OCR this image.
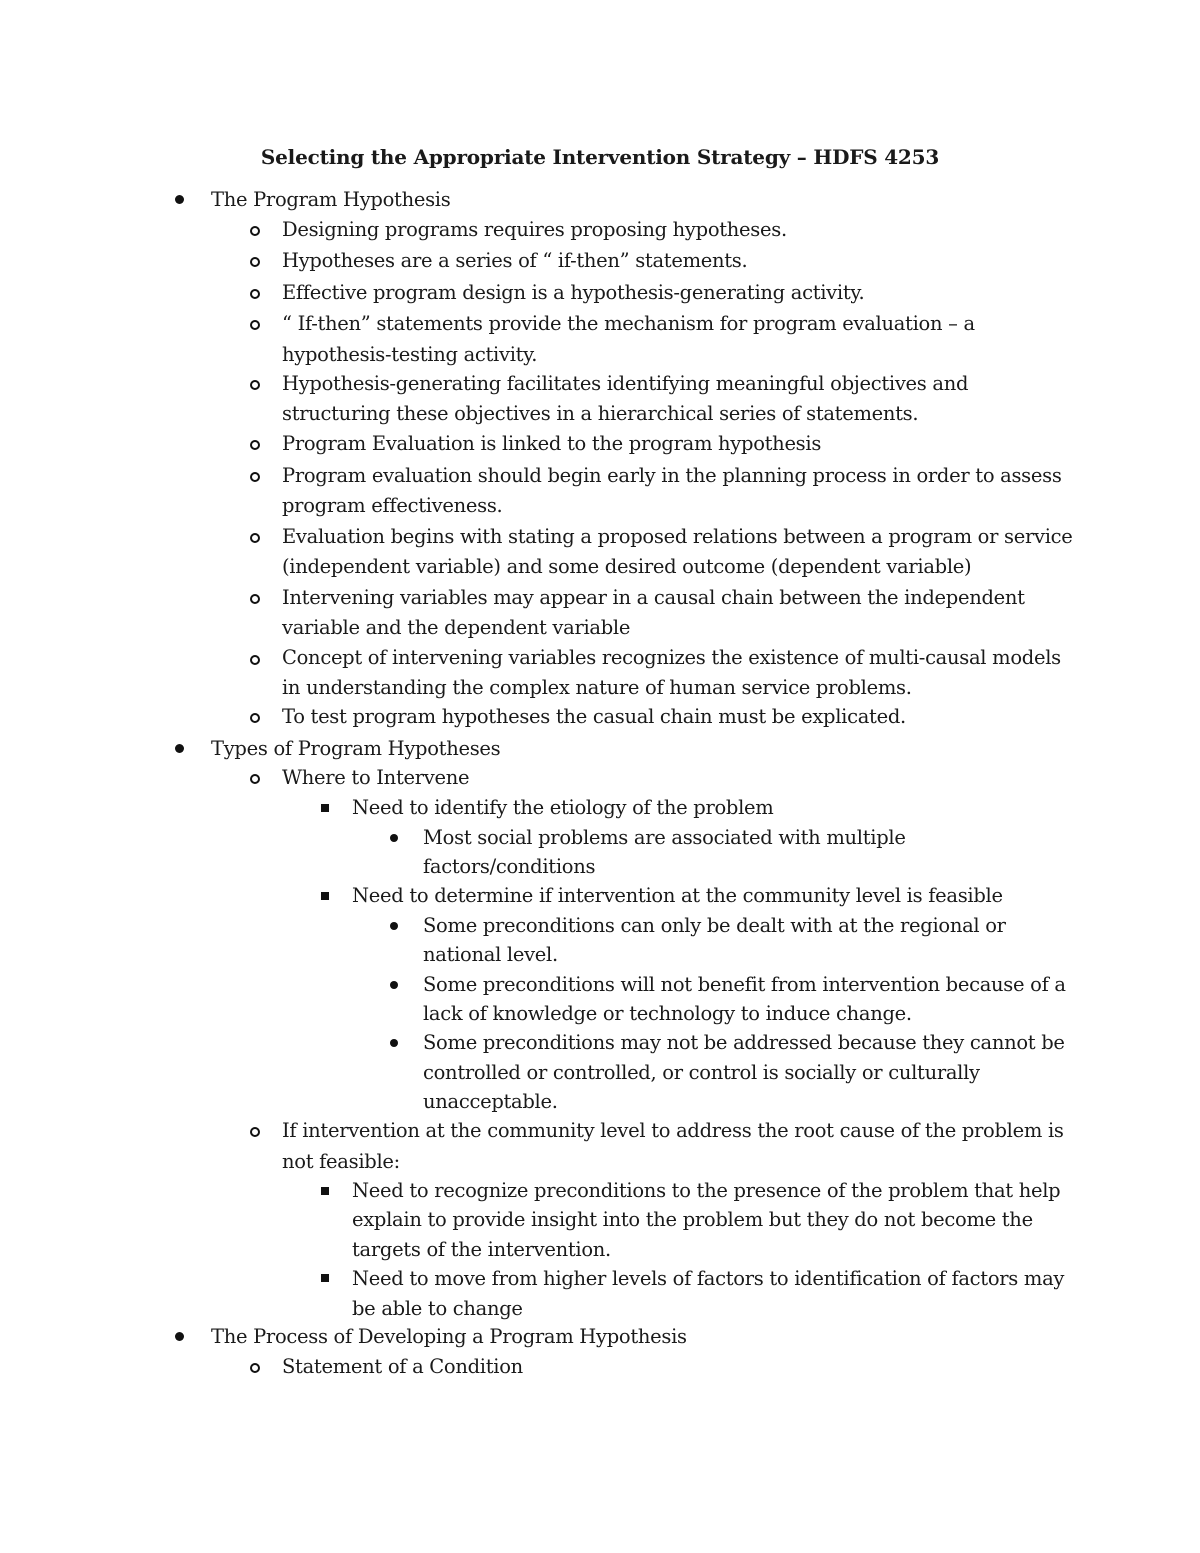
Selecting the Appropriate Intervention Strategy – HDFS 4253
The Program Hypothesis
Designing programs requires proposing hypotheses.
Hypotheses are a series of “ if-then” statements.
Effective program design is a hypothesis-generating activity.
“ If-then” statements provide the mechanism for program evaluation – a
hypothesis-testing activity.
Hypothesis-generating facilitates identifying meaningful objectives and
structuring these objectives in a hierarchical series of statements.
Program Evaluation is linked to the program hypothesis
Program evaluation should begin early in the planning process in order to assess
program effectiveness.
Evaluation begins with stating a proposed relations between a program or service
(independent variable) and some desired outcome (dependent variable)
Intervening variables may appear in a causal chain between the independent
variable and the dependent variable
Concept of intervening variables recognizes the existence of multi-causal models
in understanding the complex nature of human service problems.
To test program hypotheses the casual chain must be explicated.
Types of Program Hypotheses
Where to Intervene
Need to identify the etiology of the problem
Most social problems are associated with multiple
factors/conditions
Need to determine if intervention at the community level is feasible
Some preconditions can only be dealt with at the regional or
national level.
Some preconditions will not benefit from intervention because of a
lack of knowledge or technology to induce change.
Some preconditions may not be addressed because they cannot be
controlled or controlled, or control is socially or culturally
unacceptable.
If intervention at the community level to address the root cause of the problem is
not feasible:
Need to recognize preconditions to the presence of the problem that help
explain to provide insight into the problem but they do not become the
targets of the intervention.
Need to move from higher levels of factors to identification of factors may
be able to change
The Process of Developing a Program Hypothesis
Statement of a Condition
